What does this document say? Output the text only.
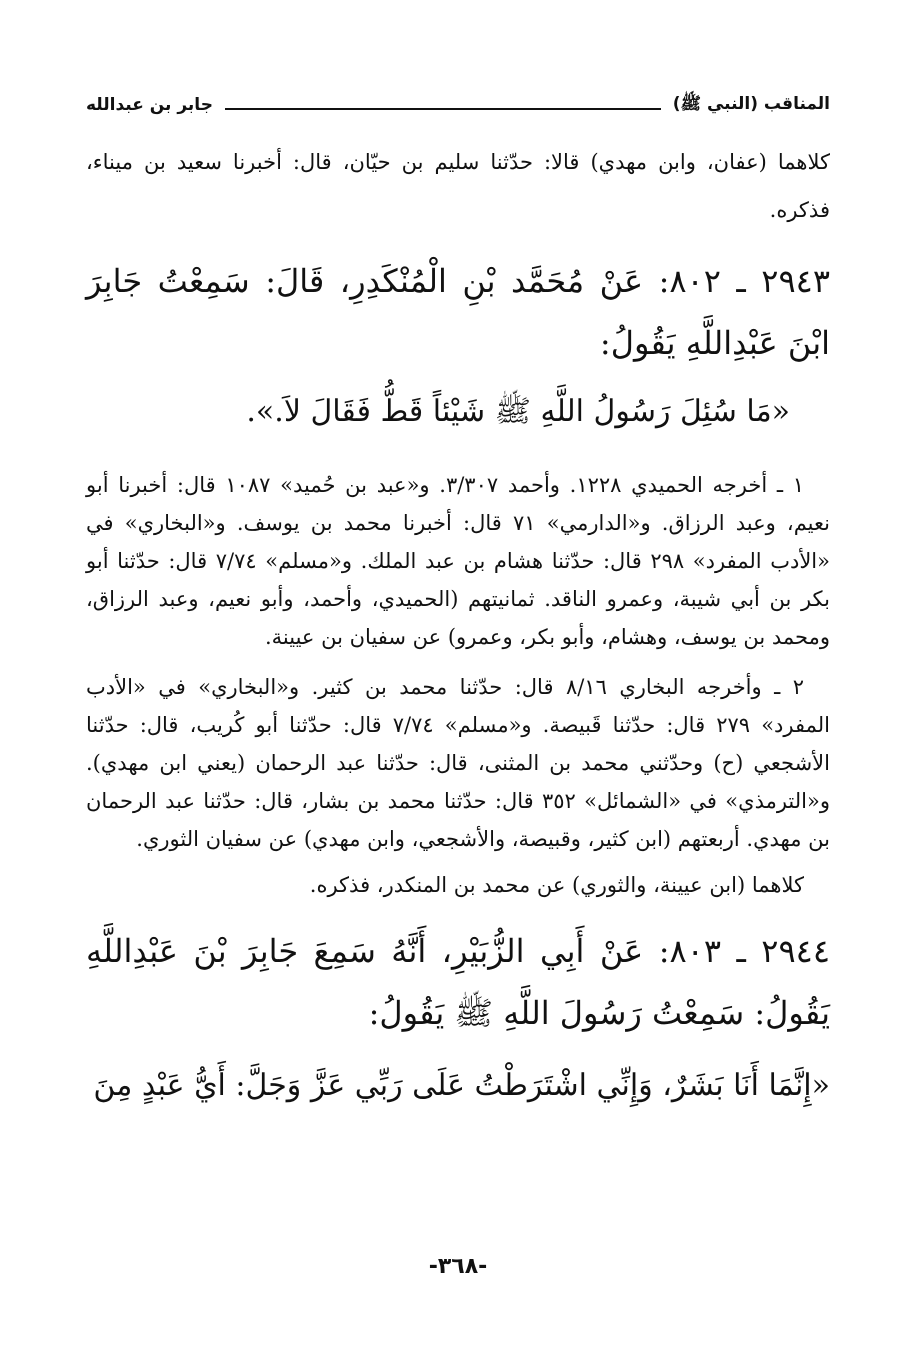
المناقب (النبي ﷺ)
جابر بن عبدالله

كلاهما (عفان، وابن مهدي) قالا: حدّثنا سليم بن حيّان، قال: أخبرنا سعيد بن ميناء، فذكره.

٢٩٤٣ ـ ٨٠٢: عَنْ مُحَمَّد بْنِ الْمُنْكَدِرِ، قَالَ: سَمِعْتُ جَابِرَ ابْنَ عَبْدِاللَّهِ يَقُولُ:

«مَا سُئِلَ رَسُولُ اللَّهِ ﷺ شَيْئاً قَطُّ فَقَالَ لاَ.».

١ ـ أخرجه الحميدي ١٢٢٨. وأحمد ٣/٣٠٧. و«عبد بن حُميد» ١٠٨٧ قال: أخبرنا أبو نعيم، وعبد الرزاق. و«الدارمي» ٧١ قال: أخبرنا محمد بن يوسف. و«البخاري» في «الأدب المفرد» ٢٩٨ قال: حدّثنا هشام بن عبد الملك. و«مسلم» ٧/٧٤ قال: حدّثنا أبو بكر بن أبي شيبة، وعمرو الناقد. ثمانيتهم (الحميدي، وأحمد، وأبو نعيم، وعبد الرزاق، ومحمد بن يوسف، وهشام، وأبو بكر، وعمرو) عن سفيان بن عيينة.

٢ ـ وأخرجه البخاري ٨/١٦ قال: حدّثنا محمد بن كثير. و«البخاري» في «الأدب المفرد» ٢٧٩ قال: حدّثنا قَبيصة. و«مسلم» ٧/٧٤ قال: حدّثنا أبو كُريب، قال: حدّثنا الأشجعي (ح) وحدّثني محمد بن المثنى، قال: حدّثنا عبد الرحمان (يعني ابن مهدي). و«الترمذي» في «الشمائل» ٣٥٢ قال: حدّثنا محمد بن بشار، قال: حدّثنا عبد الرحمان بن مهدي. أربعتهم (ابن كثير، وقبيصة، والأشجعي، وابن مهدي) عن سفيان الثوري.

كلاهما (ابن عيينة، والثوري) عن محمد بن المنكدر، فذكره.

٢٩٤٤ ـ ٨٠٣: عَنْ أَبِي الزُّبَيْرِ، أَنَّهُ سَمِعَ جَابِرَ بْنَ عَبْدِاللَّهِ يَقُولُ: سَمِعْتُ رَسُولَ اللَّهِ ﷺ يَقُولُ:

«إِنَّمَا أَنَا بَشَرٌ، وَإِنِّي اشْتَرَطْتُ عَلَى رَبِّي عَزَّ وَجَلَّ: أَيُّ عَبْدٍ مِنَ

-٣٦٨-
